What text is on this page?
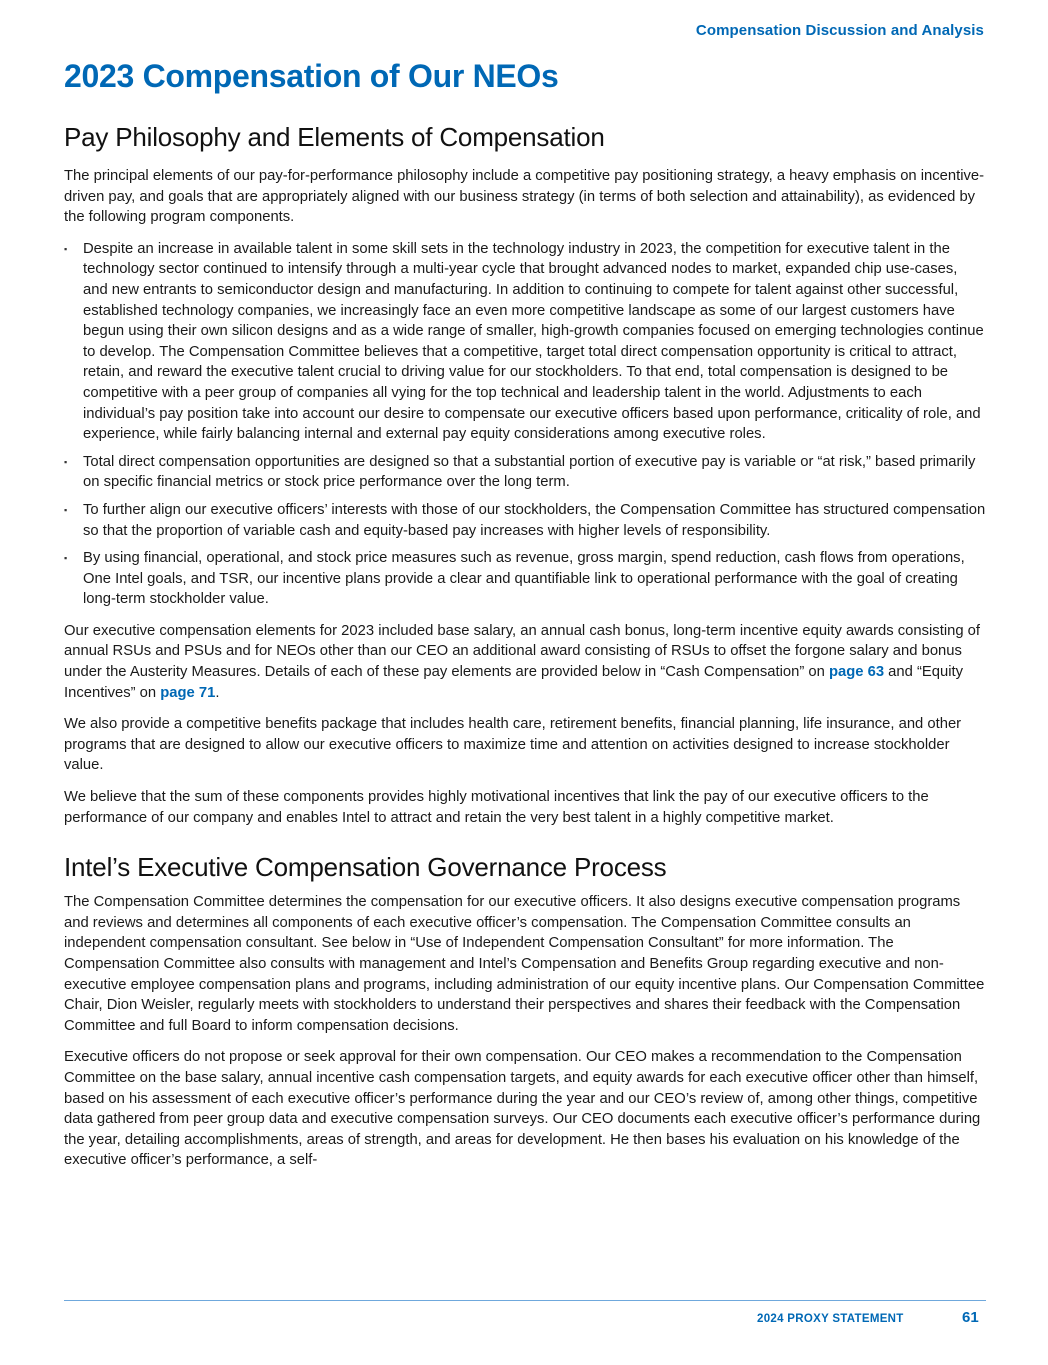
Compensation Discussion and Analysis
2023 Compensation of Our NEOs
Pay Philosophy and Elements of Compensation

The principal elements of our pay-for-performance philosophy include a competitive pay positioning strategy, a heavy emphasis on incentive-driven pay, and goals that are appropriately aligned with our business strategy (in terms of both selection and attainability), as evidenced by the following program components.

▪ Despite an increase in available talent in some skill sets in the technology industry in 2023, the competition for executive talent in the technology sector continued to intensify through a multi-year cycle that brought advanced nodes to market, expanded chip use-cases, and new entrants to semiconductor design and manufacturing. In addition to continuing to compete for talent against other successful, established technology companies, we increasingly face an even more competitive landscape as some of our largest customers have begun using their own silicon designs and as a wide range of smaller, high-growth companies focused on emerging technologies continue to develop. The Compensation Committee believes that a competitive, target total direct compensation opportunity is critical to attract, retain, and reward the executive talent crucial to driving value for our stockholders. To that end, total compensation is designed to be competitive with a peer group of companies all vying for the top technical and leadership talent in the world. Adjustments to each individual’s pay position take into account our desire to compensate our executive officers based upon performance, criticality of role, and experience, while fairly balancing internal and external pay equity considerations among executive roles.
▪ Total direct compensation opportunities are designed so that a substantial portion of executive pay is variable or “at risk,” based primarily on specific financial metrics or stock price performance over the long term.
▪ To further align our executive officers’ interests with those of our stockholders, the Compensation Committee has structured compensation so that the proportion of variable cash and equity-based pay increases with higher levels of responsibility.
▪ By using financial, operational, and stock price measures such as revenue, gross margin, spend reduction, cash flows from operations, One Intel goals, and TSR, our incentive plans provide a clear and quantifiable link to operational performance with the goal of creating long-term stockholder value.

Our executive compensation elements for 2023 included base salary, an annual cash bonus, long-term incentive equity awards consisting of annual RSUs and PSUs and for NEOs other than our CEO an additional award consisting of RSUs to offset the forgone salary and bonus under the Austerity Measures. Details of each of these pay elements are provided below in “Cash Compensation” on page 63 and “Equity Incentives” on page 71.

We also provide a competitive benefits package that includes health care, retirement benefits, financial planning, life insurance, and other programs that are designed to allow our executive officers to maximize time and attention on activities designed to increase stockholder value.

We believe that the sum of these components provides highly motivational incentives that link the pay of our executive officers to the performance of our company and enables Intel to attract and retain the very best talent in a highly competitive market.

Intel’s Executive Compensation Governance Process

The Compensation Committee determines the compensation for our executive officers. It also designs executive compensation programs and reviews and determines all components of each executive officer’s compensation. The Compensation Committee consults an independent compensation consultant. See below in “Use of Independent Compensation Consultant” for more information. The Compensation Committee also consults with management and Intel’s Compensation and Benefits Group regarding executive and non-executive employee compensation plans and programs, including administration of our equity incentive plans. Our Compensation Committee Chair, Dion Weisler, regularly meets with stockholders to understand their perspectives and shares their feedback with the Compensation Committee and full Board to inform compensation decisions.

Executive officers do not propose or seek approval for their own compensation. Our CEO makes a recommendation to the Compensation Committee on the base salary, annual incentive cash compensation targets, and equity awards for each executive officer other than himself, based on his assessment of each executive officer’s performance during the year and our CEO’s review of, among other things, competitive data gathered from peer group data and executive compensation surveys. Our CEO documents each executive officer’s performance during the year, detailing accomplishments, areas of strength, and areas for development. He then bases his evaluation on his knowledge of the executive officer’s performance, a self-

2024 PROXY STATEMENT	61
